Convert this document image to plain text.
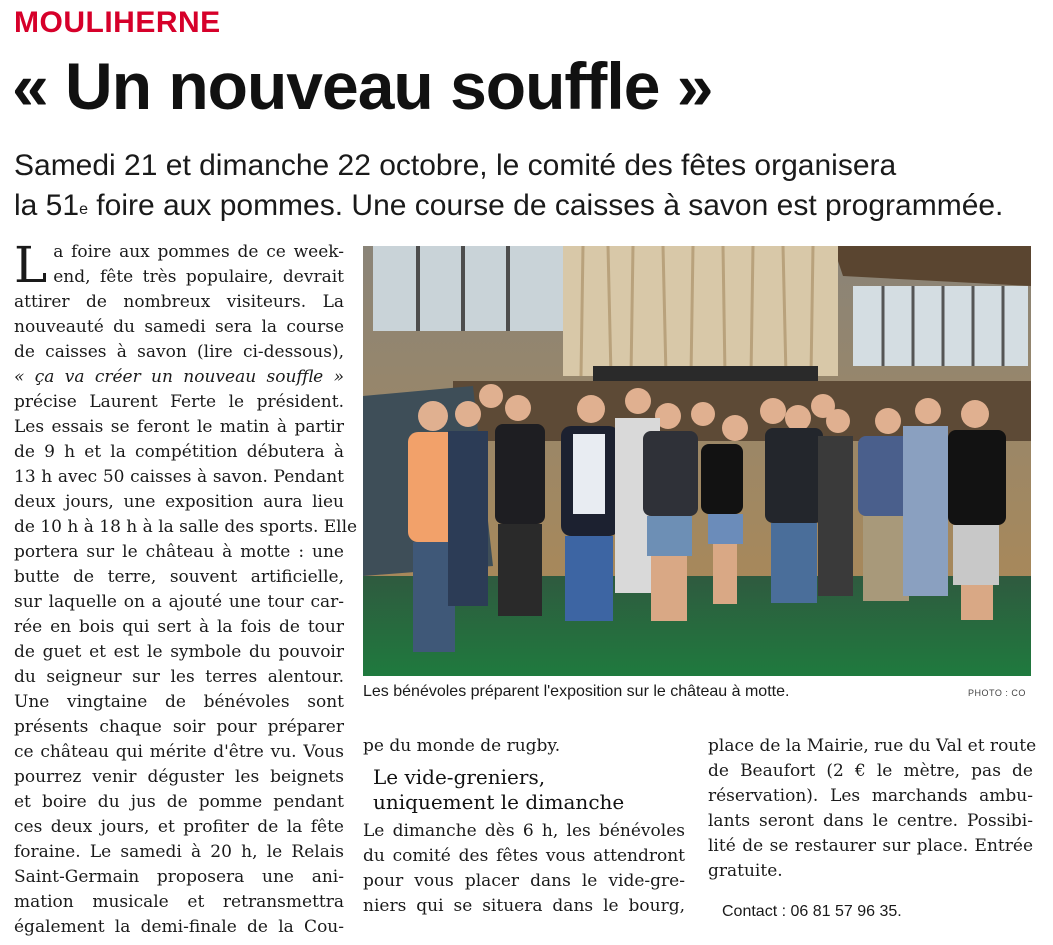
MOULIHERNE
« Un nouveau souffle »
Samedi 21 et dimanche 22 octobre, le comité des fêtes organisera
la 51e foire aux pommes. Une course de caisses à savon est programmée.
L a foire aux pommes de ce week-
end, fête très populaire, devrait
attirer de nombreux visiteurs. La
nouveauté du samedi sera la course
de caisses à savon (lire ci-dessous),
« ça va créer un nouveau souffle »
précise Laurent Ferte le président.
Les essais se feront le matin à partir
de 9 h et la compétition débutera à
13 h avec 50 caisses à savon. Pendant
deux jours, une exposition aura lieu
de 10 h à 18 h à la salle des sports. Elle
portera sur le château à motte : une
butte de terre, souvent artificielle,
sur laquelle on a ajouté une tour car-
rée en bois qui sert à la fois de tour
de guet et est le symbole du pouvoir
du seigneur sur les terres alentour.
Une vingtaine de bénévoles sont
présents chaque soir pour préparer
ce château qui mérite d'être vu. Vous
pourrez venir déguster les beignets
et boire du jus de pomme pendant
ces deux jours, et profiter de la fête
foraine. Le samedi à 20 h, le Relais
Saint-Germain proposera une ani-
mation musicale et retransmettra
également la demi-finale de la Cou-
Les bénévoles préparent l'exposition sur le château à motte.	PHOTO : CO
pe du monde de rugby.
Le vide-greniers,
uniquement le dimanche
Le dimanche dès 6 h, les bénévoles
du comité des fêtes vous attendront
pour vous placer dans le vide-gre-
niers qui se situera dans le bourg,
place de la Mairie, rue du Val et route
de Beaufort (2 € le mètre, pas de
réservation). Les marchands ambu-
lants seront dans le centre. Possibi-
lité de se restaurer sur place. Entrée
gratuite.
Contact : 06 81 57 96 35.
